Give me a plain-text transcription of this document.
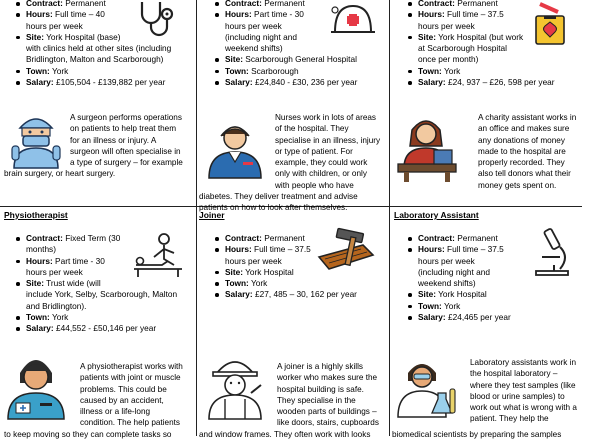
Contract: Permanent
Hours: Full time – 40
hours per week
Site: York Hospital (base)
with clinics held at other sites (including
Bridlington, Malton and Scarborough)
Town: York
Salary: £105,504 - £139,882 per year
A surgeon performs operations
on patients to help treat them
for an illness or injury. A
surgeon will often specialise in
a type of surgery – for example
brain surgery, or heart surgery.
Contract: Permanent
Hours: Part time - 30
hours per week
(including night and
weekend shifts)
Site: Scarborough General Hospital
Town: Scarborough
Salary: £24,840 - £30, 236 per year
Nurses work in lots of areas
of the hospital. They
specialise in an illness, injury
or type of patient. For
example, they could work
only with children, or only
with people who have
diabetes. They deliver treatment and advise
patients on how to look after themselves.
Contract: Permanent
Hours: Full time – 37.5
hours per week
Site: York Hospital (but work
at Scarborough Hospital
once per month)
Town: York
Salary: £24, 937 – £26, 598 per year
A charity assistant works in
an office and makes sure
any donations of money
made to the hospital are
properly recorded. They
also tell donors what their
money gets spent on.
Physiotherapist
Contract: Fixed Term (30
months)
Hours: Part time - 30
hours per week
Site: Trust wide (will
include York, Selby, Scarborough, Malton
and Bridlington).
Town: York
Salary: £44,552 - £50,146 per year
A physiotherapist works with
patients with joint or muscle
problems. This could be
caused by an accident,
illness or a life-long
condition. The help patients
to keep moving so they can complete tasks so
Joiner
Contract: Permanent
Hours: Full time – 37.5
hours per week
Site: York Hospital
Town: York
Salary: £27, 485 – 30, 162 per year
A joiner is a highly skills
worker who makes sure the
hospital building is safe.
They specialise in the
wooden parts of buildings –
like doors, stairs, cupboards
and window frames. They often work with looks
Laboratory Assistant
Contract: Permanent
Hours: Full time – 37.5
hours per week
(including night and
weekend shifts)
Site: York Hospital
Town: York
Salary: £24,465 per year
Laboratory assistants work in
the hospital laboratory –
where they test samples (like
blood or urine samples) to
work out what is wrong with a
patient. They help the
biomedical scientists by preparing the samples
